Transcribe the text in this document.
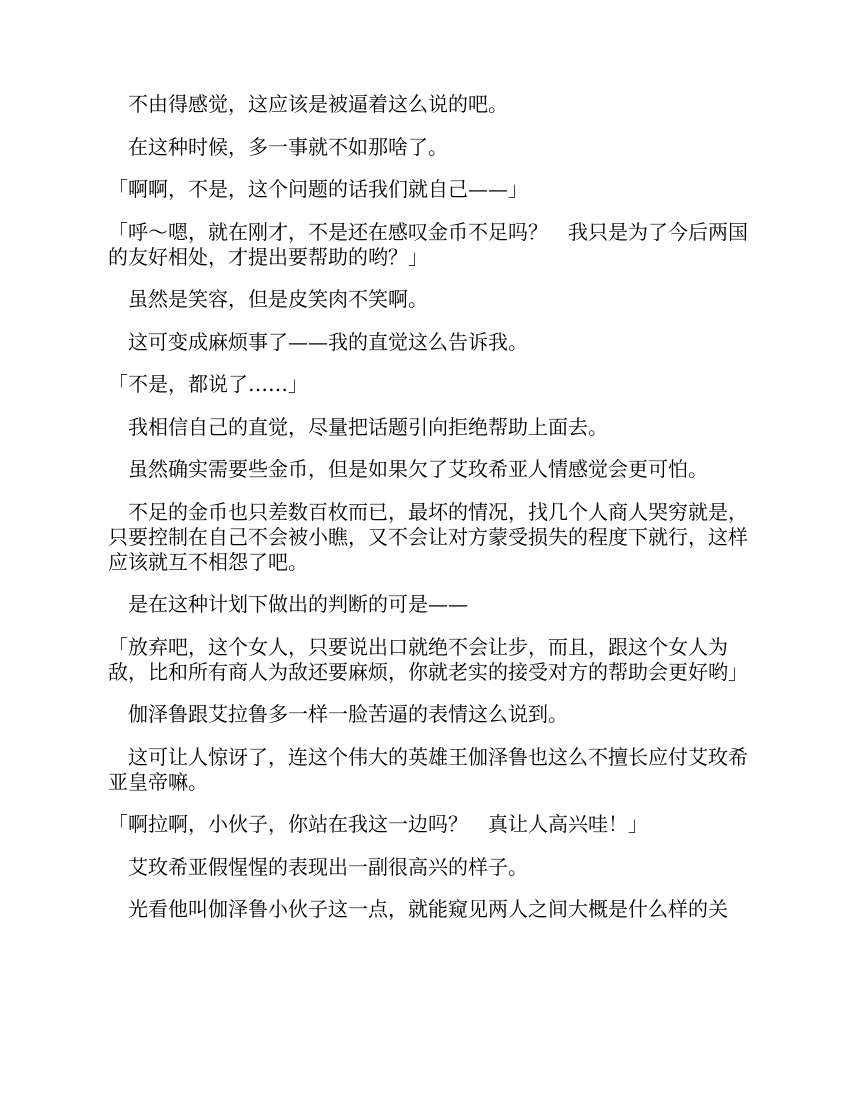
　不由得感觉，这应该是被逼着这么说的吧。

　在这种时候，多一事就不如那啥了。

「啊啊，不是，这个问题的话我们就自己——」

「呼～嗯，就在刚才，不是还在感叹金币不足吗？　我只是为了今后两国的友好相处，才提出要帮助的哟？」

　虽然是笑容，但是皮笑肉不笑啊。

　这可变成麻烦事了——我的直觉这么告诉我。

「不是，都说了……」

　我相信自己的直觉，尽量把话题引向拒绝帮助上面去。

　虽然确实需要些金币，但是如果欠了艾玫希亚人情感觉会更可怕。

　不足的金币也只差数百枚而已，最坏的情况，找几个人商人哭穷就是，只要控制在自己不会被小瞧，又不会让对方蒙受损失的程度下就行，这样应该就互不相怨了吧。

　是在这种计划下做出的判断的可是——

「放弃吧，这个女人，只要说出口就绝不会让步，而且，跟这个女人为敌，比和所有商人为敌还要麻烦，你就老实的接受对方的帮助会更好哟」

　伽泽鲁跟艾拉鲁多一样一脸苦逼的表情这么说到。

　这可让人惊讶了，连这个伟大的英雄王伽泽鲁也这么不擅长应付艾玫希亚皇帝嘛。

「啊拉啊，小伙子，你站在我这一边吗？　真让人高兴哇！」

　艾玫希亚假惺惺的表现出一副很高兴的样子。

　光看他叫伽泽鲁小伙子这一点，就能窥见两人之间大概是什么样的关
